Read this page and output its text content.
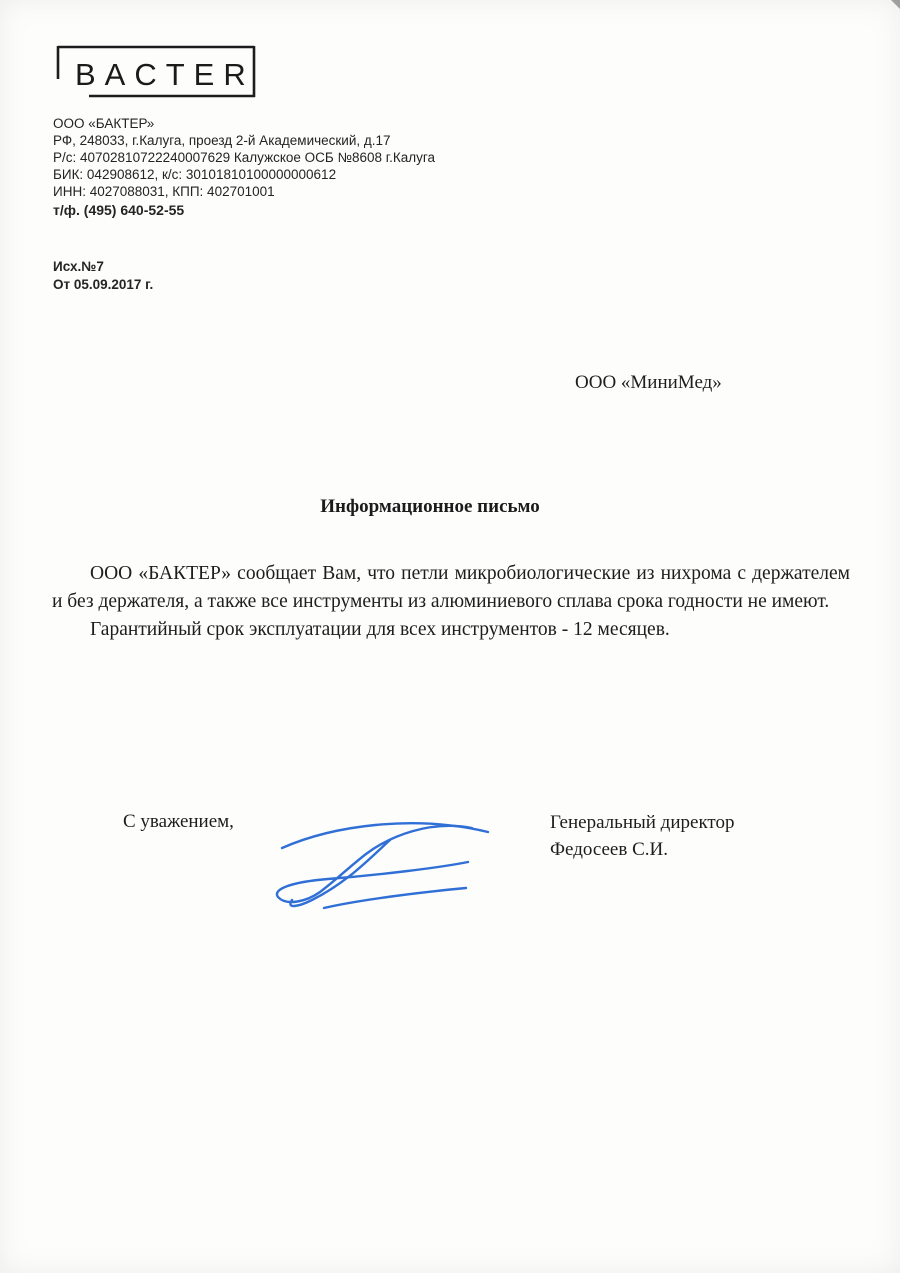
BACTER
ООО «БАКТЕР»
РФ, 248033, г.Калуга, проезд 2-й Академический, д.17
Р/с: 40702810722240007629 Калужское ОСБ №8608 г.Калуга
БИК: 042908612, к/с: 30101810100000000612
ИНН: 4027088031, КПП: 402701001
т/ф. (495) 640-52-55
Исх.№7
От 05.09.2017 г.
ООО «МиниМед»
Информационное письмо

ООО «БАКТЕР» сообщает Вам, что петли микробиологические из нихрома с держателем и без держателя, а также все инструменты из алюминиевого сплава срока годности не имеют.

Гарантийный срок эксплуатации для всех инструментов - 12 месяцев.

С уважением,	Генеральный директор
Федосеев С.И.
